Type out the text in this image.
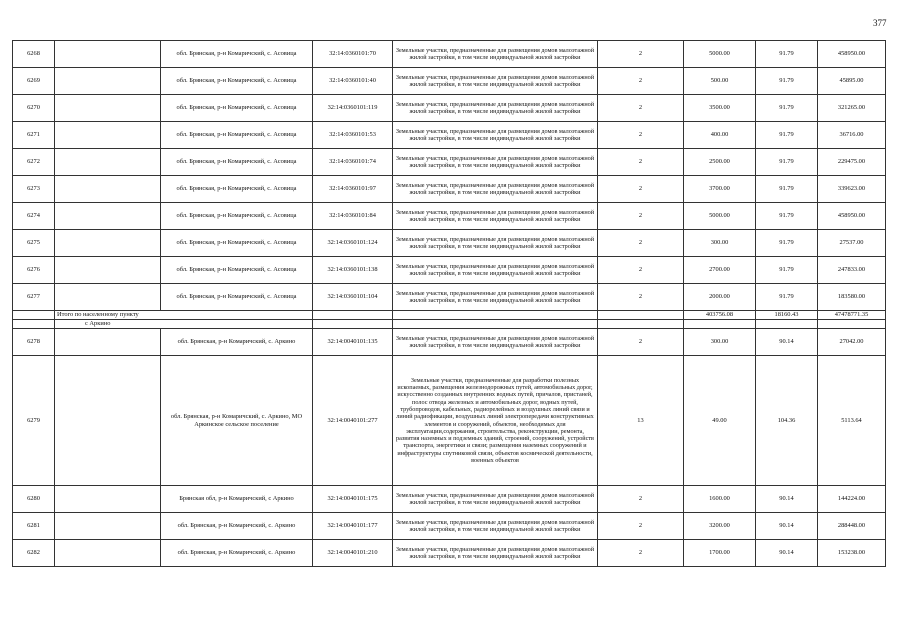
377
6268		обл. Брянская, р-н Комаричский, с. Асовица	32:14:0360101:70	Земельные участки, предназначенные для размещения домов малоэтажной жилой застройки, в том числе индивидуальной жилой застройки	2	5000.00	91.79	458950.00
6269		обл. Брянская, р-н Комаричский, с. Асовица	32:14:0360101:40	Земельные участки, предназначенные для размещения домов малоэтажной жилой застройки, в том числе индивидуальной жилой застройки	2	500.00	91.79	45895.00
6270		обл. Брянская, р-н Комаричский, с. Асовица	32:14:0360101:119	Земельные участки, предназначенные для размещения домов малоэтажной жилой застройки, в том числе индивидуальной жилой застройки	2	3500.00	91.79	321265.00
6271		обл. Брянская, р-н Комаричский, с. Асовица	32:14:0360101:53	Земельные участки, предназначенные для размещения домов малоэтажной жилой застройки, в том числе индивидуальной жилой застройки	2	400.00	91.79	36716.00
6272		обл. Брянская, р-н Комаричский, с. Асовица	32:14:0360101:74	Земельные участки, предназначенные для размещения домов малоэтажной жилой застройки, в том числе индивидуальной жилой застройки	2	2500.00	91.79	229475.00
6273		обл. Брянская, р-н Комаричский, с. Асовица	32:14:0360101:97	Земельные участки, предназначенные для размещения домов малоэтажной жилой застройки, в том числе индивидуальной жилой застройки	2	3700.00	91.79	339623.00
6274		обл. Брянская, р-н Комаричский, с. Асовица	32:14:0360101:84	Земельные участки, предназначенные для размещения домов малоэтажной жилой застройки, в том числе индивидуальной жилой застройки	2	5000.00	91.79	458950.00
6275		обл. Брянская, р-н Комаричский, с. Асовица	32:14:0360101:124	Земельные участки, предназначенные для размещения домов малоэтажной жилой застройки, в том числе индивидуальной жилой застройки	2	300.00	91.79	27537.00
6276		обл. Брянская, р-н Комаричский, с. Асовица	32:14:0360101:138	Земельные участки, предназначенные для размещения домов малоэтажной жилой застройки, в том числе индивидуальной жилой застройки	2	2700.00	91.79	247833.00
6277		обл. Брянская, р-н Комаричский, с. Асовица	32:14:0360101:104	Земельные участки, предназначенные для размещения домов малоэтажной жилой застройки, в том числе индивидуальной жилой застройки	2	2000.00	91.79	183580.00
	Итого по населенному пункту					403756.08	18160.43	47478771.35
	с Аркино							
6278		обл. Брянская, р-н Комаричский, с. Аркино	32:14:0040101:135	Земельные участки, предназначенные для размещения домов малоэтажной жилой застройки, в том числе индивидуальной жилой застройки	2	300.00	90.14	27042.00
6279		обл. Брянская, р-н Комаричский, с. Аркино, МО Аркинское сельское поселение	32:14:0040101:277	Земельные участки, предназначенные для разработки полезных ископаемых, размещения железнодорожных путей, автомобильных дорог, искусственно созданных внутренних водных путей, причалов, пристаней, полос отвода железных и автомобильных дорог, водных путей, трубопроводов, кабельных, радиорелейных и воздушных линий связи и линий радиофикации, воздушных линий электропередачи конструктивных элементов и сооружений, объектов, необходимых для эксплуатации,содержания, строительства, реконструкции, ремонта, развития наземных и подземных зданий, строений, сооружений, устройств транспорта, энергетики и связи; размещения наземных сооружений и инфраструктуры спутниковой связи, объектов космической деятельности, военных объектов	13	49.00	104.36	5113.64
6280		Брянская обл, р-н Комаричский, с Аркино	32:14:0040101:175	Земельные участки, предназначенные для размещения домов малоэтажной жилой застройки, в том числе индивидуальной жилой застройки	2	1600.00	90.14	144224.00
6281		обл. Брянская, р-н Комаричский, с. Аркино	32:14:0040101:177	Земельные участки, предназначенные для размещения домов малоэтажной жилой застройки, в том числе индивидуальной жилой застройки	2	3200.00	90.14	288448.00
6282		обл. Брянская, р-н Комаричский, с. Аркино	32:14:0040101:210	Земельные участки, предназначенные для размещения домов малоэтажной жилой застройки, в том числе индивидуальной жилой застройки	2	1700.00	90.14	153238.00
